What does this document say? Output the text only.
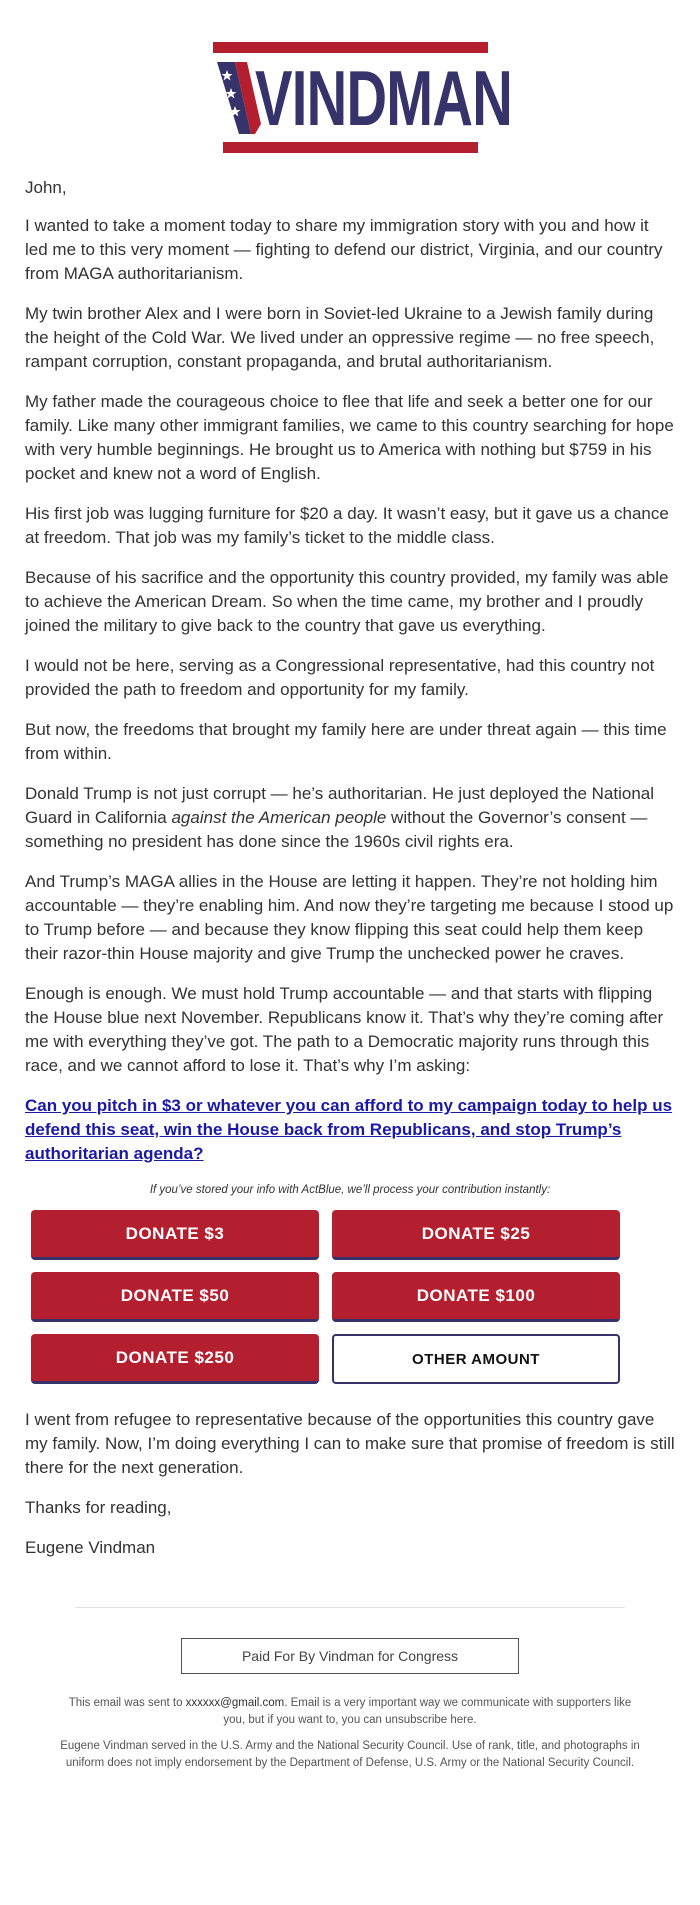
VINDMAN

John,

I wanted to take a moment today to share my immigration story with you and how it led me to this very moment — fighting to defend our district, Virginia, and our country from MAGA authoritarianism.

My twin brother Alex and I were born in Soviet-led Ukraine to a Jewish family during the height of the Cold War. We lived under an oppressive regime — no free speech, rampant corruption, constant propaganda, and brutal authoritarianism.

My father made the courageous choice to flee that life and seek a better one for our family. Like many other immigrant families, we came to this country searching for hope with very humble beginnings. He brought us to America with nothing but $759 in his pocket and knew not a word of English.

His first job was lugging furniture for $20 a day. It wasn’t easy, but it gave us a chance at freedom. That job was my family’s ticket to the middle class.

Because of his sacrifice and the opportunity this country provided, my family was able to achieve the American Dream. So when the time came, my brother and I proudly joined the military to give back to the country that gave us everything.

I would not be here, serving as a Congressional representative, had this country not provided the path to freedom and opportunity for my family.

But now, the freedoms that brought my family here are under threat again — this time from within.

Donald Trump is not just corrupt — he’s authoritarian. He just deployed the National Guard in California against the American people without the Governor’s consent — something no president has done since the 1960s civil rights era.

And Trump’s MAGA allies in the House are letting it happen. They’re not holding him accountable — they’re enabling him. And now they’re targeting me because I stood up to Trump before — and because they know flipping this seat could help them keep their razor-thin House majority and give Trump the unchecked power he craves.

Enough is enough. We must hold Trump accountable — and that starts with flipping the House blue next November. Republicans know it. That’s why they’re coming after me with everything they’ve got. The path to a Democratic majority runs through this race, and we cannot afford to lose it. That’s why I’m asking:

Can you pitch in $3 or whatever you can afford to my campaign today to help us defend this seat, win the House back from Republicans, and stop Trump’s authoritarian agenda?
If you’ve stored your info with ActBlue, we’ll process your contribution instantly:
DONATE $3	DONATE $25
DONATE $50	DONATE $100
DONATE $250	OTHER AMOUNT

I went from refugee to representative because of the opportunities this country gave my family. Now, I’m doing everything I can to make sure that promise of freedom is still there for the next generation.

Thanks for reading,

Eugene Vindman

Paid For By Vindman for Congress

This email was sent to xxxxxx@gmail.com. Email is a very important way we communicate with supporters like you, but if you want to, you can unsubscribe here.

Eugene Vindman served in the U.S. Army and the National Security Council. Use of rank, title, and photographs in uniform does not imply endorsement by the Department of Defense, U.S. Army or the National Security Council.
